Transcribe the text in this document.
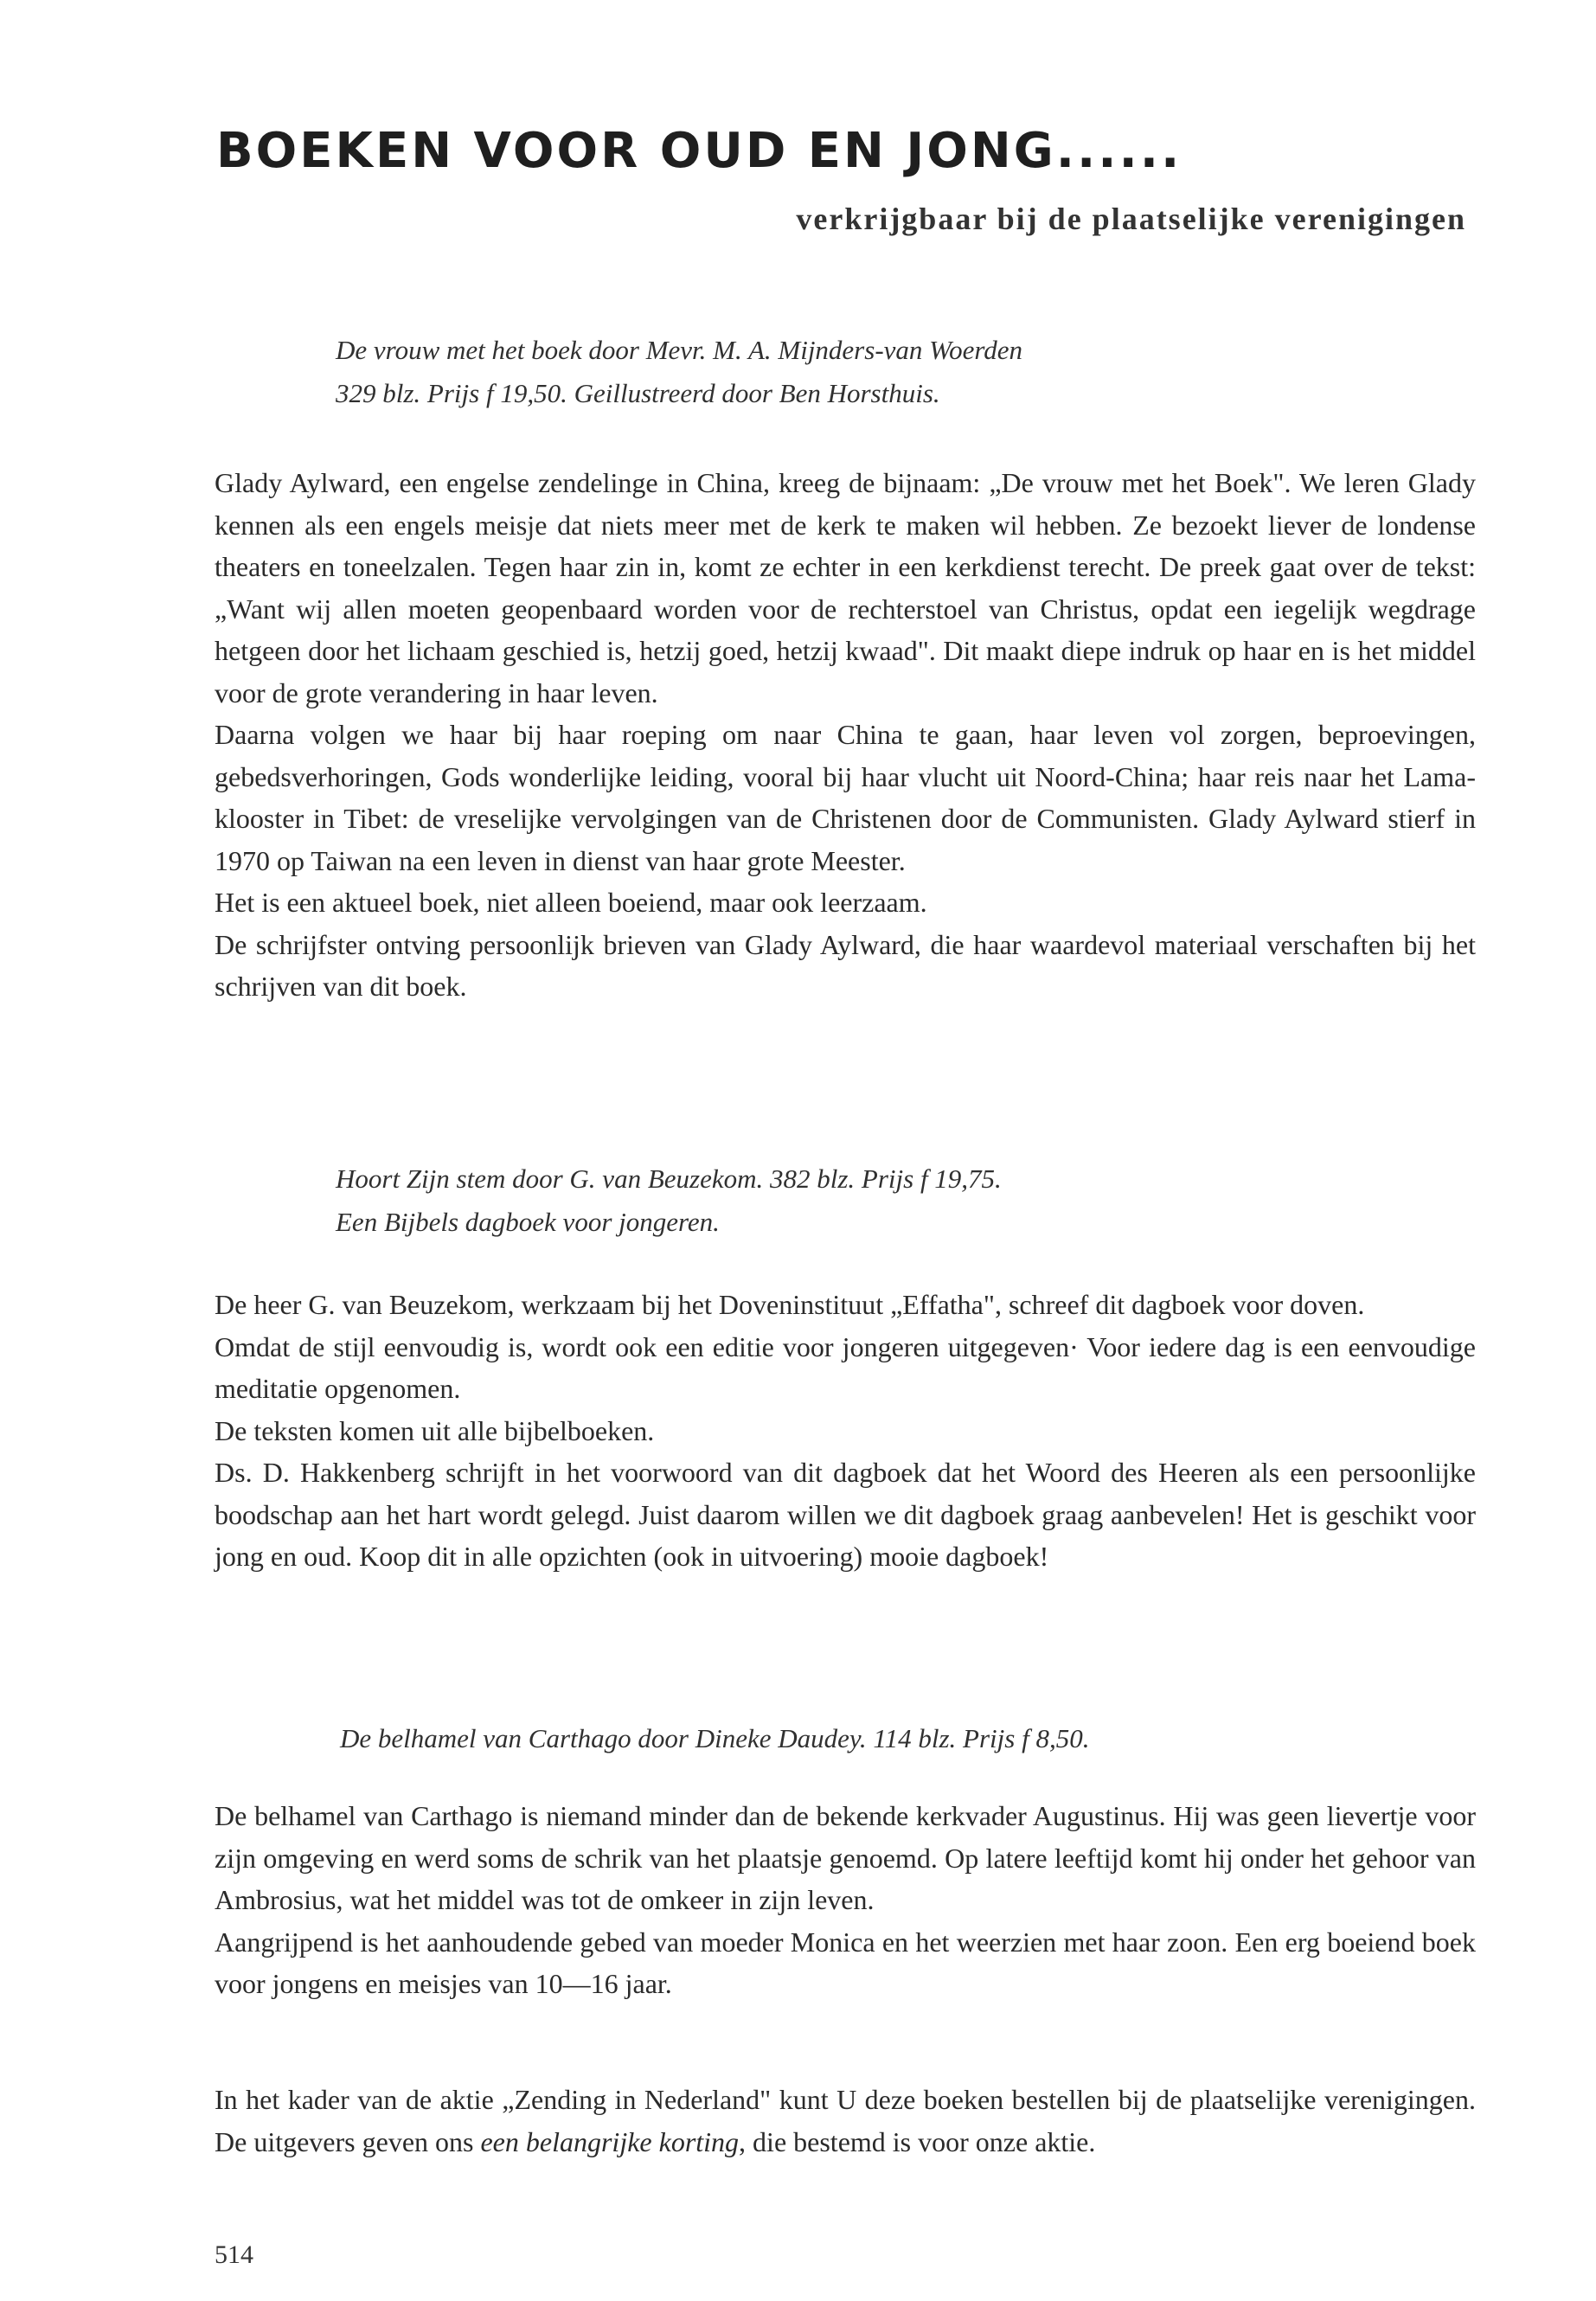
BOEKEN VOOR OUD EN JONG......
verkrijgbaar bij de plaatselijke verenigingen
De vrouw met het boek door Mevr. M. A. Mijnders-van Woerden
329 blz. Prijs f 19,50. Geillustreerd door Ben Horsthuis.

Glady Aylward, een engelse zendelinge in China, kreeg de bijnaam: „De vrouw met het Boek". We leren Glady kennen als een engels meisje dat niets meer met de kerk te maken wil hebben. Ze bezoekt liever de londense theaters en toneelzalen. Tegen haar zin in, komt ze echter in een kerkdienst terecht. De preek gaat over de tekst: „Want wij allen moeten geopenbaard worden voor de rechterstoel van Christus, opdat een iegelijk wegdrage hetgeen door het lichaam geschied is, hetzij goed, hetzij kwaad". Dit maakt diepe indruk op haar en is het middel voor de grote verandering in haar leven.

Daarna volgen we haar bij haar roeping om naar China te gaan, haar leven vol zorgen, beproevingen, gebedsverhoringen, Gods wonderlijke leiding, vooral bij haar vlucht uit Noord-China; haar reis naar het Lama-klooster in Tibet: de vreselijke vervolgingen van de Christenen door de Communisten. Glady Aylward stierf in 1970 op Taiwan na een leven in dienst van haar grote Meester.

Het is een aktueel boek, niet alleen boeiend, maar ook leerzaam.

De schrijfster ontving persoonlijk brieven van Glady Aylward, die haar waardevol materiaal verschaften bij het schrijven van dit boek.

Hoort Zijn stem door G. van Beuzekom. 382 blz. Prijs f 19,75.
Een Bijbels dagboek voor jongeren.

De heer G. van Beuzekom, werkzaam bij het Doveninstituut „Effatha", schreef dit dagboek voor doven.

Omdat de stijl eenvoudig is, wordt ook een editie voor jongeren uitgegeven· Voor iedere dag is een eenvoudige meditatie opgenomen.

De teksten komen uit alle bijbelboeken.

Ds. D. Hakkenberg schrijft in het voorwoord van dit dagboek dat het Woord des Heeren als een persoonlijke boodschap aan het hart wordt gelegd. Juist daarom willen we dit dagboek graag aanbevelen! Het is geschikt voor jong en oud. Koop dit in alle opzichten (ook in uitvoering) mooie dagboek!

De belhamel van Carthago door Dineke Daudey. 114 blz. Prijs f 8,50.

De belhamel van Carthago is niemand minder dan de bekende kerkvader Augustinus. Hij was geen lievertje voor zijn omgeving en werd soms de schrik van het plaatsje genoemd. Op latere leeftijd komt hij onder het gehoor van Ambrosius, wat het middel was tot de omkeer in zijn leven.

Aangrijpend is het aanhoudende gebed van moeder Monica en het weerzien met haar zoon. Een erg boeiend boek voor jongens en meisjes van 10—16 jaar.

In het kader van de aktie „Zending in Nederland" kunt U deze boeken bestellen bij de plaatselijke verenigingen. De uitgevers geven ons een belangrijke korting, die bestemd is voor onze aktie.

514
